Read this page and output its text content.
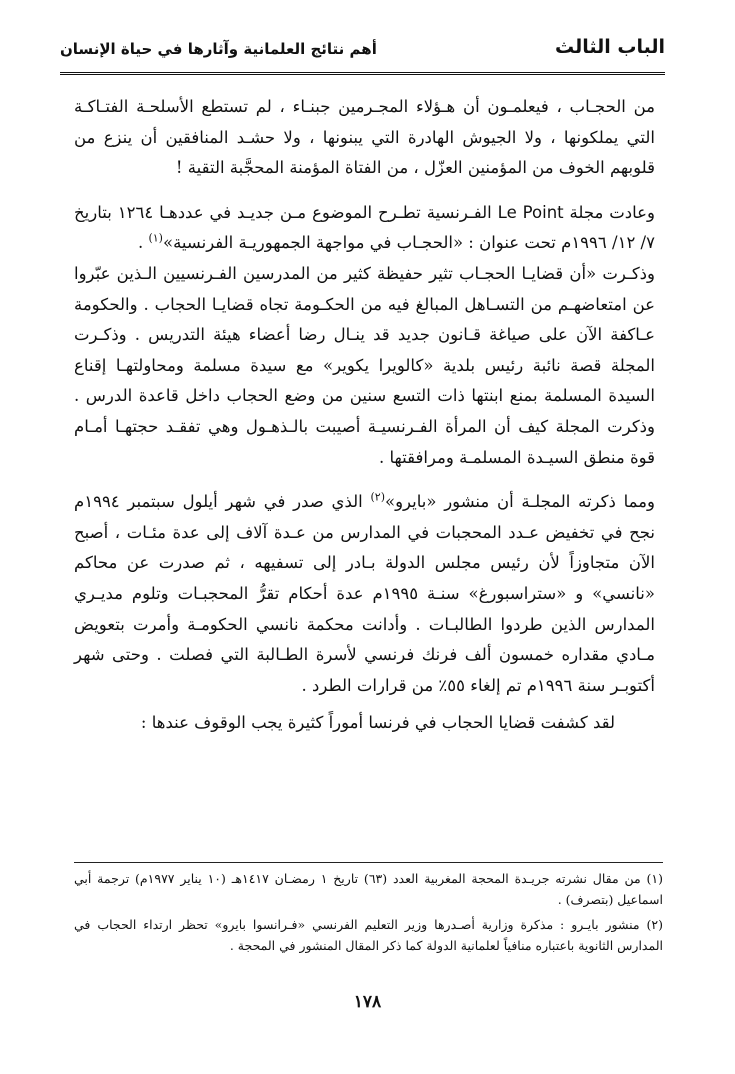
الباب الثالث
أهم نتائج العلمانية وآثارها في حياة الإنسان

من الحجـاب ، فيعلمـون أن هـؤلاء المجـرمين جبنـاء ، لم تستطع الأسلحـة الفتـاكـة التي يملكونها ، ولا الجيوش الهادرة التي يبنونها ، ولا حشـد المنافقين أن ينزع من قلوبهم الخوف من المؤمنين العزّل ، من الفتاة المؤمنة المحجَّبة التقية !

وعادت مجلة Le Point الفـرنسية تطـرح الموضوع مـن جديـد في عددهـا ١٢٦٤ بتاريخ ٧/ ١٢/ ١٩٩٦م تحت عنوان : «الحجـاب في مواجهة الجمهوريـة الفرنسية»$^{(١)}$ .

وذكـرت «أن قضايـا الحجـاب تثير حفيظة كثير من المدرسين الفـرنسيين الـذين عبّروا عن امتعاضهـم من التسـاهل المبالغ فيه من الحكـومة تجاه قضايـا الحجاب . والحكومة عـاكفة الآن على صياغة قـانون جديد قد ينـال رضا أعضاء هيئة التدريس . وذكـرت المجلة قصة نائبة رئيس بلدية «كالويرا يكوير» مع سيدة مسلمة ومحاولتهـا إقناع السيدة المسلمة بمنع ابنتها ذات التسع سنين من وضع الحجاب داخل قاعدة الدرس . وذكرت المجلة كيف أن المرأة الفـرنسيـة أصيبت بالـذهـول وهي تفقـد حجتهـا أمـام قوة منطق السيـدة المسلمـة ومرافقتها .

ومما ذكرته المجلـة أن منشور «بايرو»$^{(٢)}$ الذي صدر في شهر أيلول سبتمبر ١٩٩٤م نجح في تخفيض عـدد المحجبات في المدارس من عـدة آلاف إلى عدة مئـات ، أصبح الآن متجاوزاً لأن رئيس مجلس الدولة بـادر إلى تسفيهه ، ثم صدرت عن محاكم «نانسي» و «ستراسبورغ» سنـة ١٩٩٥م عدة أحكام تقرُّ المحجبـات وتلوم مديـري المدارس الذين طردوا الطالبـات . وأدانت محكمة نانسي الحكومـة وأمرت بتعويض مـادي مقداره خمسون ألف فرنك فرنسي لأسرة الطـالبة التي فصلت . وحتى شهر أكتوبـر سنة ١٩٩٦م تم إلغاء ٥٥٪ من قرارات الطرد .

لقد كشفت قضايا الحجاب في فرنسا أموراً كثيرة يجب الوقوف عندها :

(١) من مقال نشرته جريـدة المحجة المغربية العدد (٦٣) تاريخ ١ رمضـان ١٤١٧هـ (١٠ يناير ١٩٧٧م) ترجمة أبي اسماعيل (بتصرف) .

(٢) منشور بايـرو : مذكرة وزارية أصـدرها وزير التعليم الفرنسي «فـرانسوا بايرو» تحظر ارتداء الحجاب في المدارس الثانوية باعتباره منافياً لعلمانية الدولة كما ذكر المقال المنشور في المحجة .

١٧٨
